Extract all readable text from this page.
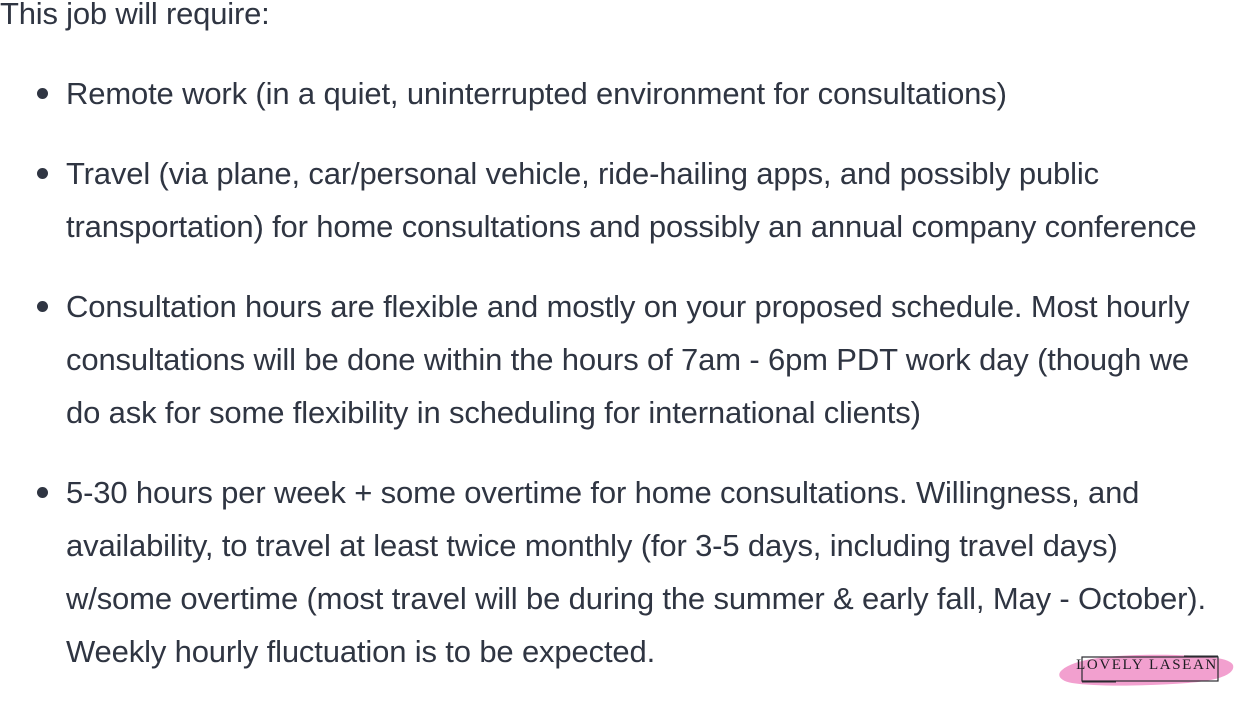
This job will require:

Remote work (in a quiet, uninterrupted environment for consultations)
Travel (via plane, car/personal vehicle, ride-hailing apps, and possibly public transportation) for home consultations and possibly an annual company conference
Consultation hours are flexible and mostly on your proposed schedule. Most hourly consultations will be done within the hours of 7am - 6pm PDT work day (though we do ask for some flexibility in scheduling for international clients)
5-30 hours per week + some overtime for home consultations. Willingness, and availability, to travel at least twice monthly (for 3-5 days, including travel days) w/some overtime (most travel will be during the summer & early fall, May - October). Weekly hourly fluctuation is to be expected.	LOVELY LASEAN
